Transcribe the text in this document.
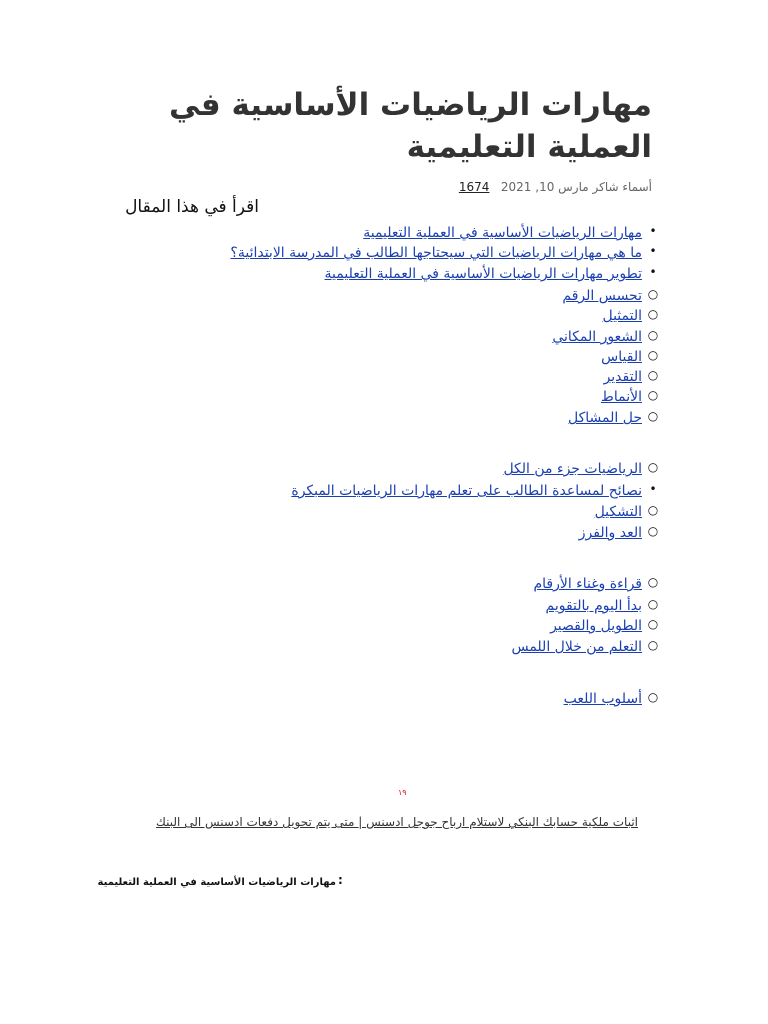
مهارات الرياضيات الأساسية في العملية التعليمية
أسماء شاكر مارس 10, 2021   1674
اقرأ في هذا المقال
مهارات الرياضيات الأساسية في العملية التعليمية •
ما هي مهارات الرياضيات التي سيحتاجها الطالب في المدرسة الابتدائية؟ •
تطوير مهارات الرياضيات الأساسية في العملية التعليمية •
تحسس الرقم ○
التمثيل ○
الشعور المكاني ○
القياس ○
التقدير ○
الأنماط ○
حل المشاكل ○
الرياضيات جزء من الكل ○
نصائح لمساعدة الطالب على تعلم مهارات الرياضيات المبكرة •
التشكيل ○
العد والفرز ○
قراءة وغناء الأرقام ○
بدأ اليوم بالتقويم ○
الطويل والقصير ○
التعلم من خلال اللمس ○
أسلوب اللعب ○
١٩
اثبات ملكية حسابك البنكي لاستلام ارباح جوجل ادسنس | متى يتم تحويل دفعات ادسنس الى البنك
مهارات الرياضيات الأساسية في العملية التعليمية :
